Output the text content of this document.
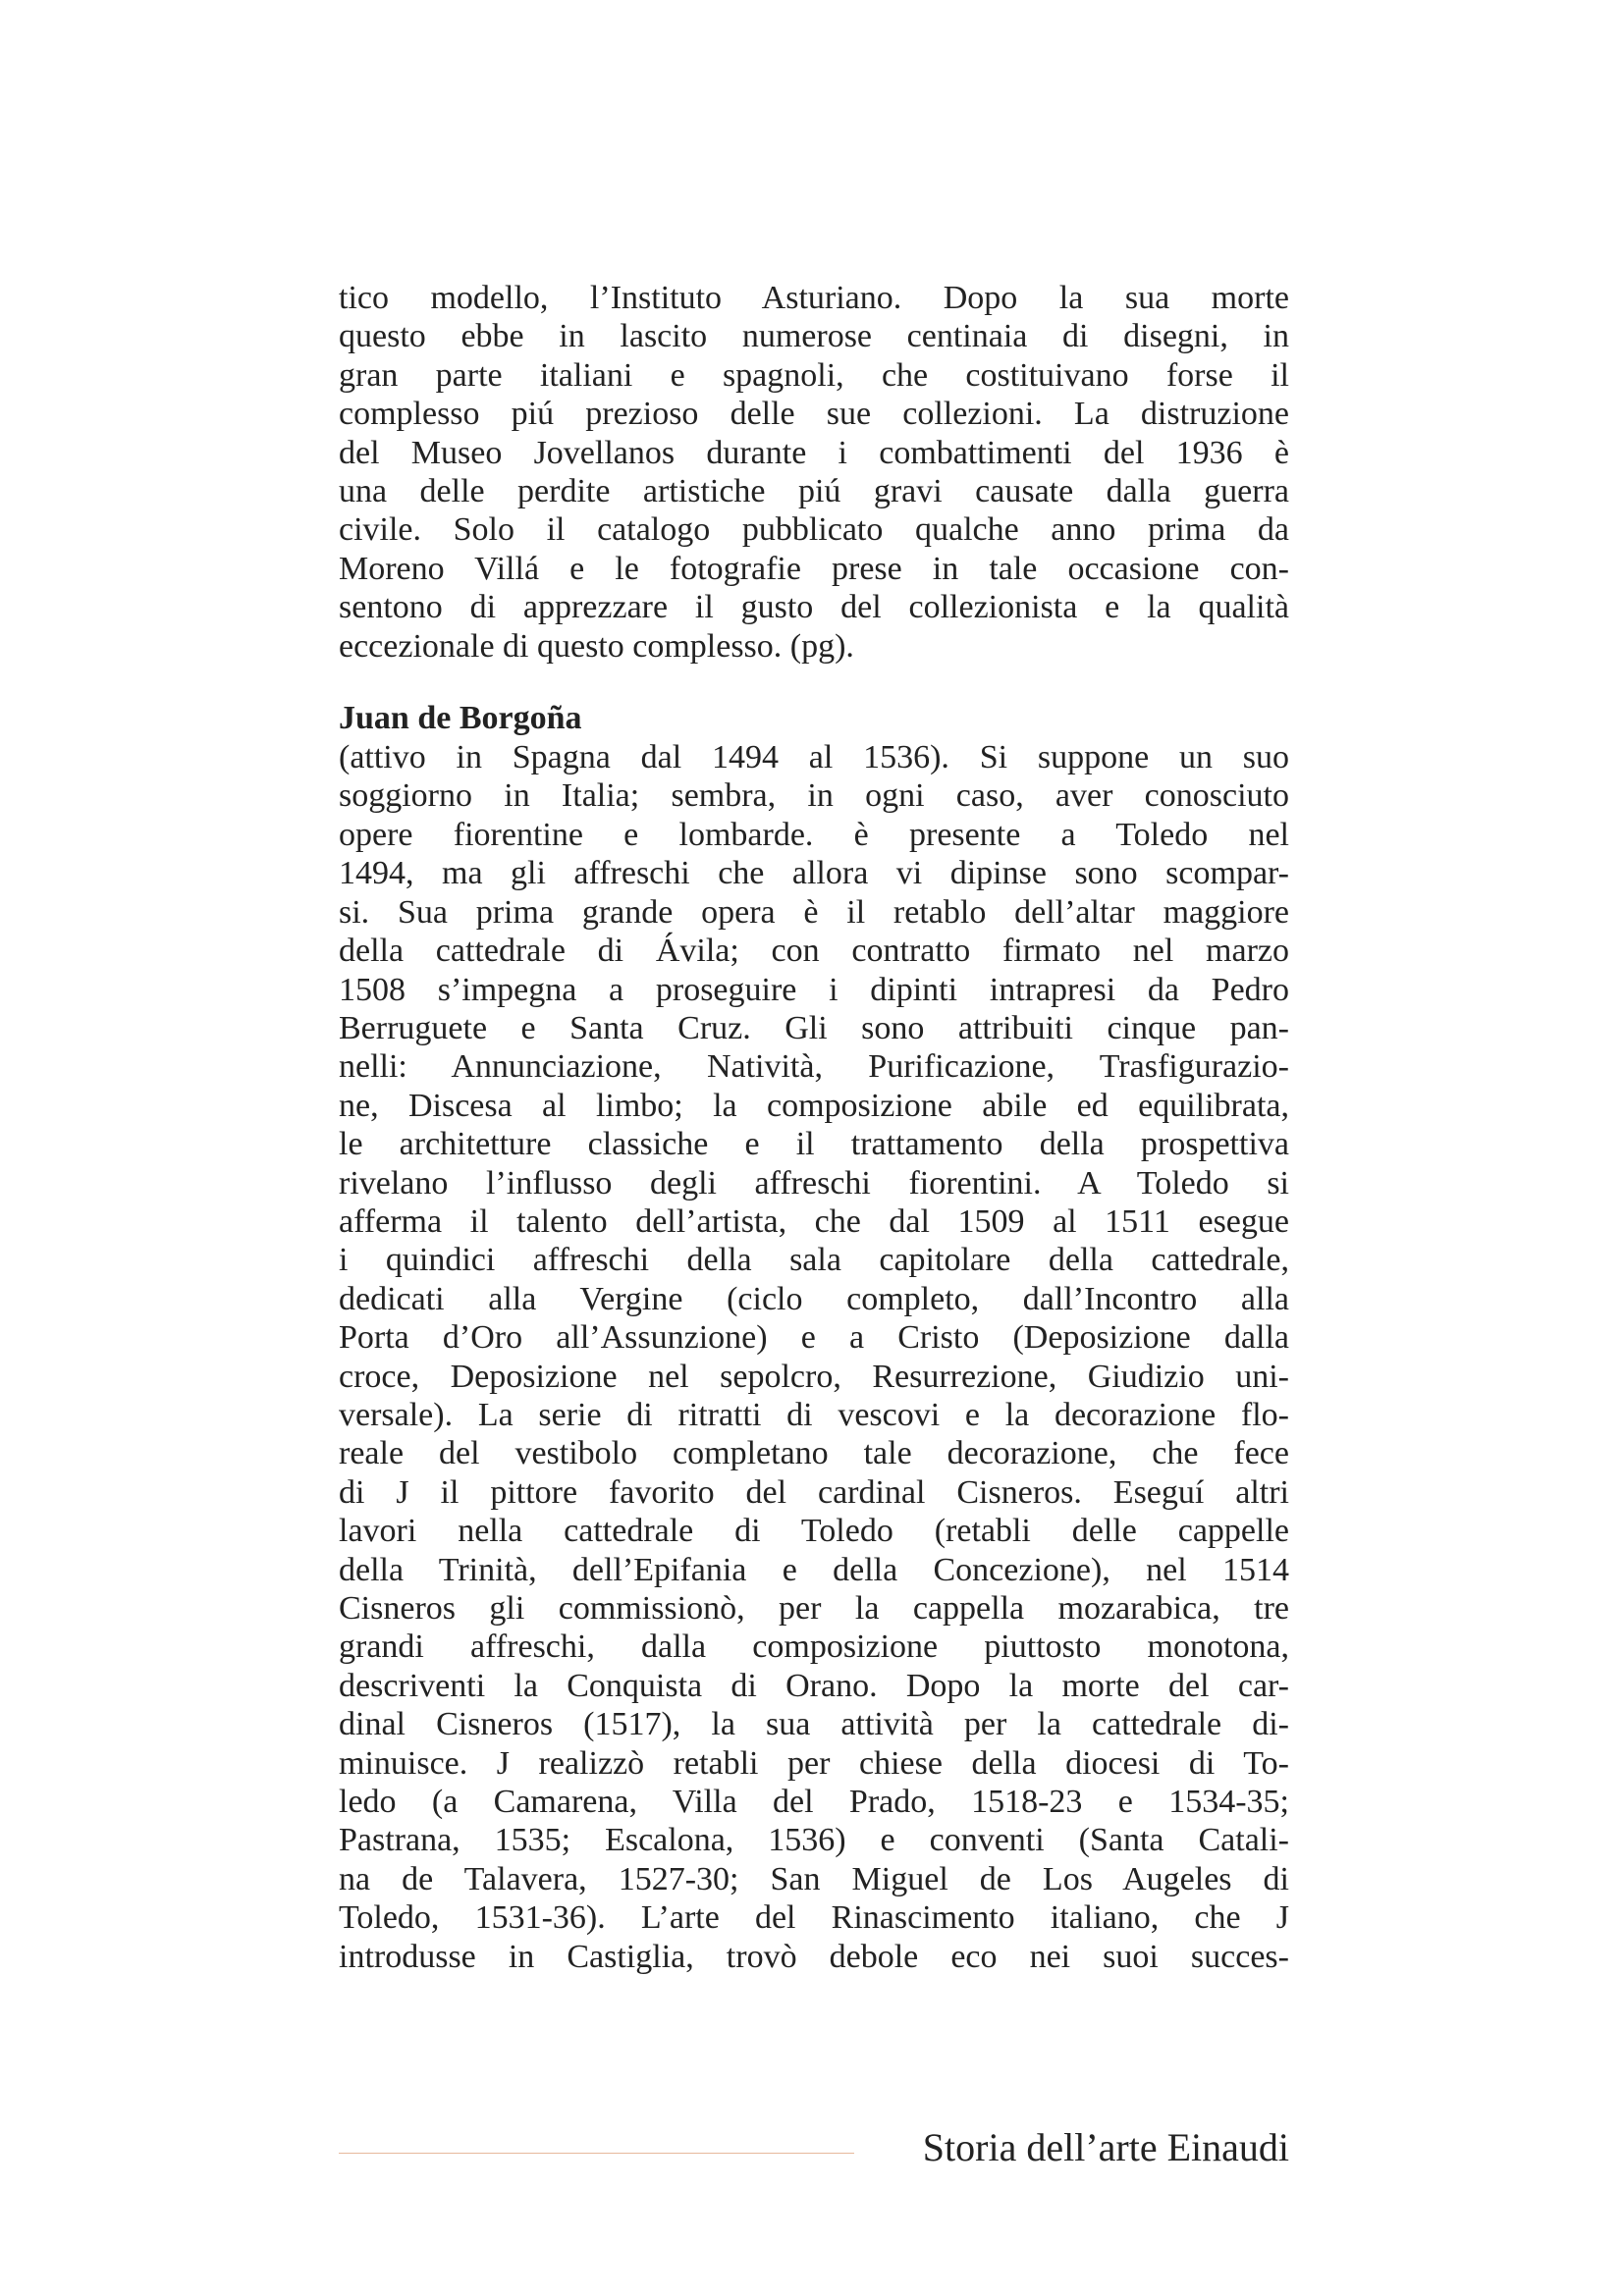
tico modello, l’Instituto Asturiano. Dopo la sua morte
questo ebbe in lascito numerose centinaia di disegni, in
gran parte italiani e spagnoli, che costituivano forse il
complesso piú prezioso delle sue collezioni. La distruzione
del Museo Jovellanos durante i combattimenti del 1936 è
una delle perdite artistiche piú gravi causate dalla guerra
civile. Solo il catalogo pubblicato qualche anno prima da
Moreno Villá e le fotografie prese in tale occasione con-
sentono di apprezzare il gusto del collezionista e la qualità
eccezionale di questo complesso. (pg).
Juan de Borgoña
(attivo in Spagna dal 1494 al 1536). Si suppone un suo
soggiorno in Italia; sembra, in ogni caso, aver conosciuto
opere fiorentine e lombarde. è presente a Toledo nel
1494, ma gli affreschi che allora vi dipinse sono scompar-
si. Sua prima grande opera è il retablo dell’altar maggiore
della cattedrale di Ávila; con contratto firmato nel marzo
1508 s’impegna a proseguire i dipinti intrapresi da Pedro
Berruguete e Santa Cruz. Gli sono attribuiti cinque pan-
nelli: Annunciazione, Natività, Purificazione, Trasfigurazio-
ne, Discesa al limbo; la composizione abile ed equilibrata,
le architetture classiche e il trattamento della prospettiva
rivelano l’influsso degli affreschi fiorentini. A Toledo si
afferma il talento dell’artista, che dal 1509 al 1511 esegue
i quindici affreschi della sala capitolare della cattedrale,
dedicati alla Vergine (ciclo completo, dall’Incontro alla
Porta d’Oro all’Assunzione) e a Cristo (Deposizione dalla
croce, Deposizione nel sepolcro, Resurrezione, Giudizio uni-
versale). La serie di ritratti di vescovi e la decorazione flo-
reale del vestibolo completano tale decorazione, che fece
di J il pittore favorito del cardinal Cisneros. Eseguí altri
lavori nella cattedrale di Toledo (retabli delle cappelle
della Trinità, dell’Epifania e della Concezione), nel 1514
Cisneros gli commissionò, per la cappella mozarabica, tre
grandi affreschi, dalla composizione piuttosto monotona,
descriventi la Conquista di Orano. Dopo la morte del car-
dinal Cisneros (1517), la sua attività per la cattedrale di-
minuisce. J realizzò retabli per chiese della diocesi di To-
ledo (a Camarena, Villa del Prado, 1518-23 e 1534-35;
Pastrana, 1535; Escalona, 1536) e conventi (Santa Catali-
na de Talavera, 1527-30; San Miguel de Los Augeles di
Toledo, 1531-36). L’arte del Rinascimento italiano, che J
introdusse in Castiglia, trovò debole eco nei suoi succes-
Storia dell’arte Einaudi
